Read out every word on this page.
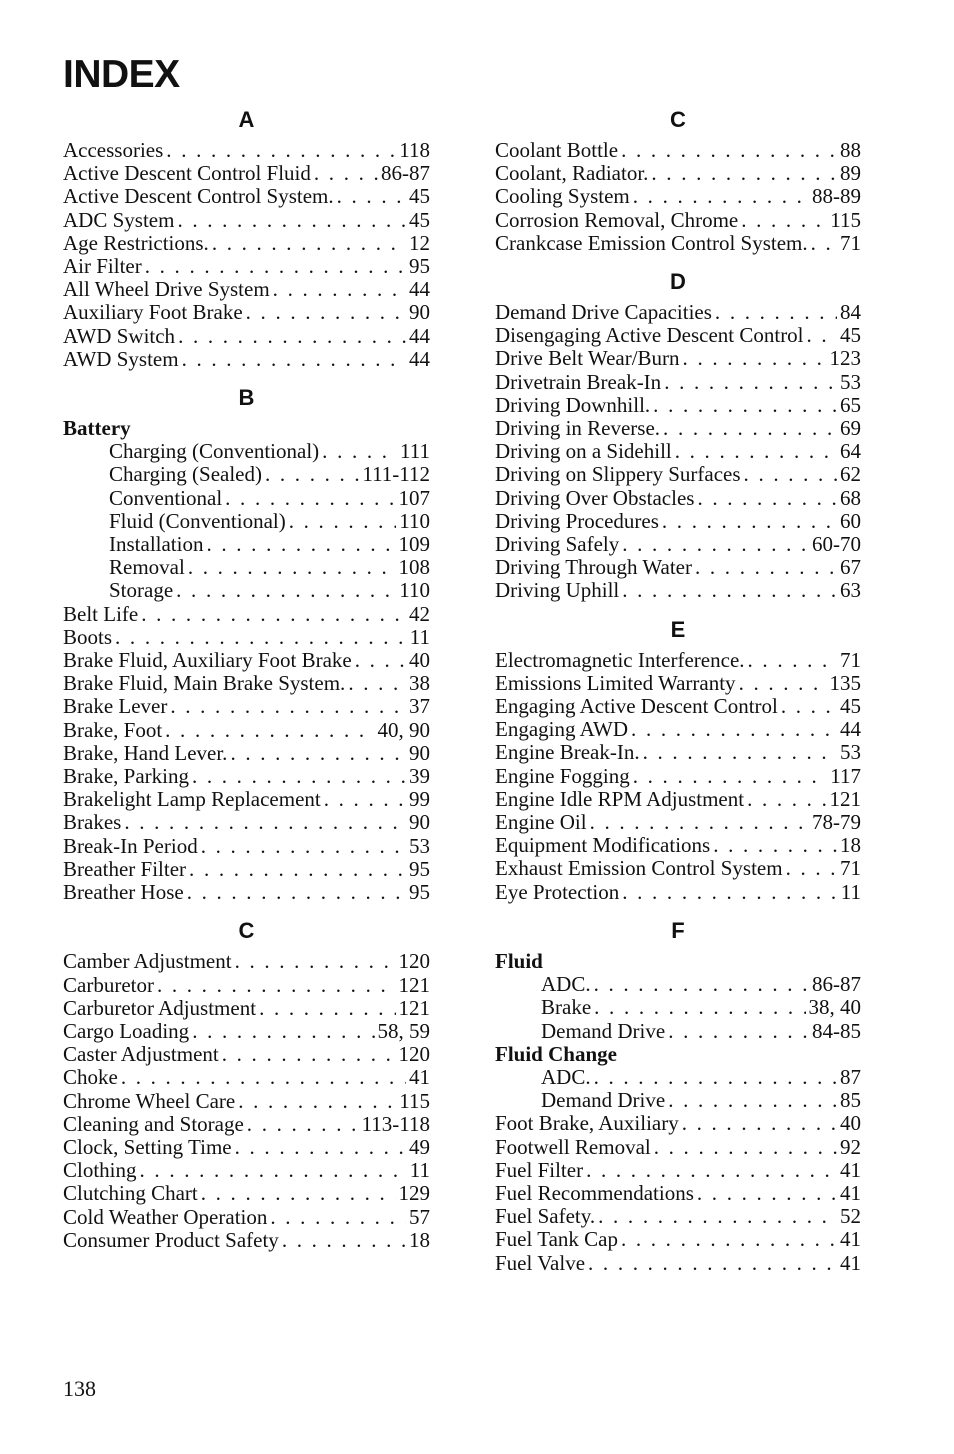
INDEX
A
Accessories . . .	118
Active Descent Control Fluid . . .	86-87
Active Descent Control System. . . .	45
ADC System . . .	45
Age Restrictions. . . .	12
Air Filter . . .	95
All Wheel Drive System . . .	44
Auxiliary Foot Brake . . .	90
AWD Switch . . .	44
AWD System . . .	44
B
Battery
Charging (Conventional) . . .	111
Charging (Sealed) . . .	111-112
Conventional . . .	107
Fluid (Conventional) . . .	110
Installation . . .	109
Removal . . .	108
Storage . . .	110
Belt Life . . .	42
Boots . . .	11
Brake Fluid, Auxiliary Foot Brake . . .	40
Brake Fluid, Main Brake System. . . .	38
Brake Lever . . .	37
Brake, Foot . . .	40, 90
Brake, Hand Lever. . . .	90
Brake, Parking . . .	39
Brakelight Lamp Replacement . . .	99
Brakes . . .	90
Break-In Period . . .	53
Breather Filter . . .	95
Breather Hose . . .	95
C
Camber Adjustment . . .	120
Carburetor . . .	121
Carburetor Adjustment . . .	121
Cargo Loading . . .	58, 59
Caster Adjustment . . .	120
Choke . . .	41
Chrome Wheel Care . . .	115
Cleaning and Storage . . .	113-118
Clock, Setting Time . . .	49
Clothing . . .	11
Clutching Chart . . .	129
Cold Weather Operation . . .	57
Consumer Product Safety . . .	18
C
Coolant Bottle . . .	88
Coolant, Radiator. . . .	89
Cooling System . . .	88-89
Corrosion Removal, Chrome . . .	115
Crankcase Emission Control System. . . . 71
D
Demand Drive Capacities . . .	84
Disengaging Active Descent Control . . . 45
Drive Belt Wear/Burn . . .	123
Drivetrain Break-In . . .	53
Driving Downhill. . . .	65
Driving in Reverse. . . .	69
Driving on a Sidehill . . .	64
Driving on Slippery Surfaces . . .	62
Driving Over Obstacles . . .	68
Driving Procedures . . .	60
Driving Safely . . .	60-70
Driving Through Water . . .	67
Driving Uphill . . .	63
E
Electromagnetic Interference. . . .	71
Emissions Limited Warranty . . .	135
Engaging Active Descent Control . . .	45
Engaging AWD . . .	44
Engine Break-In. . . .	53
Engine Fogging . . .	117
Engine Idle RPM Adjustment . . .	121
Engine Oil . . .	78-79
Equipment Modifications . . .	18
Exhaust Emission Control System . . .	71
Eye Protection . . .	11
F
Fluid
ADC. . . .	86-87
Brake . . .	38, 40
Demand Drive . . .	84-85
Fluid Change
ADC. . . .	87
Demand Drive . . .	85
Foot Brake, Auxiliary . . .	40
Footwell Removal . . .	92
Fuel Filter . . .	41
Fuel Recommendations . . .	41
Fuel Safety. . . .	52
Fuel Tank Cap . . .	41
Fuel Valve . . .	41
138
